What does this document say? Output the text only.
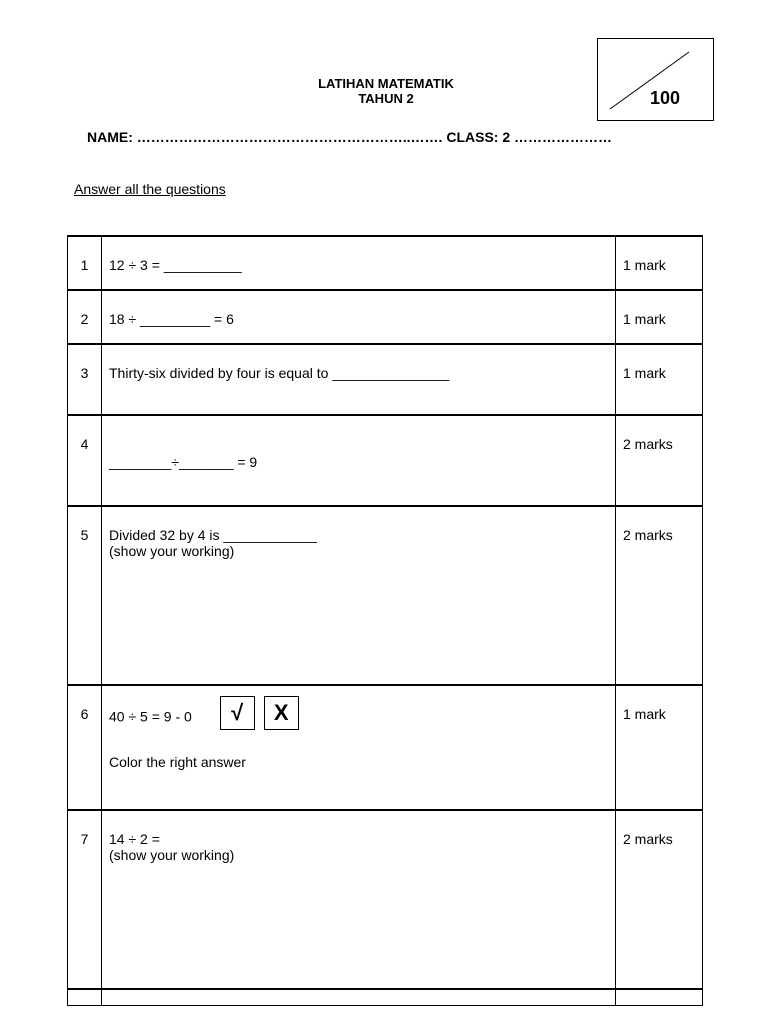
LATIHAN MATEMATIK
TAHUN 2	100
NAME: …………………………………………………..……. CLASS: 2 …………………
Answer all the questions
1	12 ÷ 3 = __________	1 mark
2	18 ÷ _________ = 6	1 mark
3	Thirty-six divided by four is equal to _______________	1 mark
4	________÷_______ = 9	2 marks
5	Divided 32 by 4 is ____________
(show your working)	2 marks
6	40 ÷ 5 = 9 - 0 √ X
Color the right answer	1 mark
7	14 ÷ 2 =
(show your working)	2 marks
